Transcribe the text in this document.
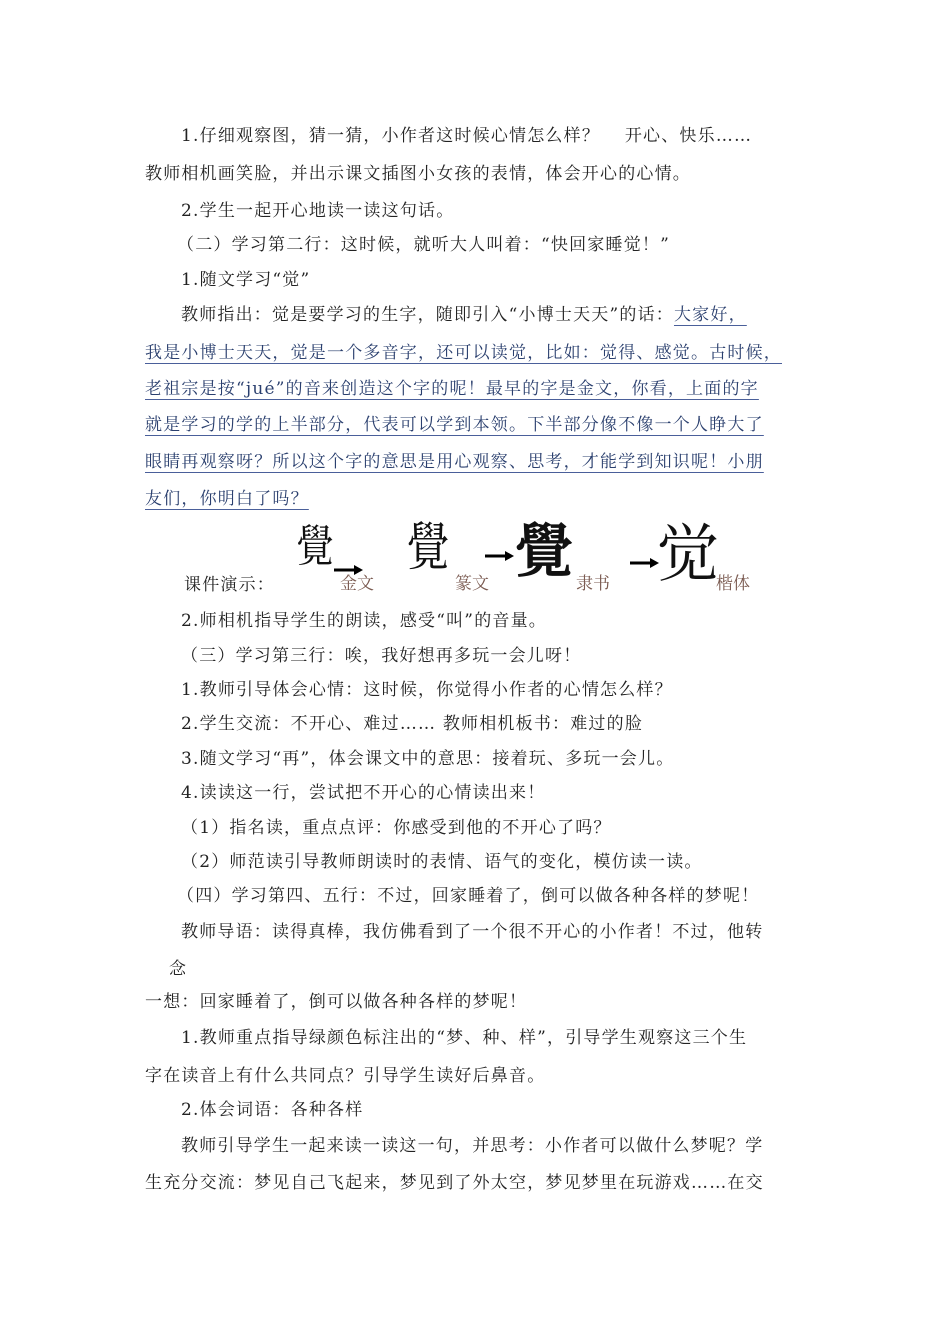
1.仔细观察图，猜一猜，小作者这时候心情怎么样？　 开心、快乐……
教师相机画笑脸，并出示课文插图小女孩的表情，体会开心的心情。
2.学生一起开心地读一读这句话。
（二）学习第二行：这时候，就听大人叫着：“快回家睡觉！”
1.随文学习“觉”
教师指出：觉是要学习的生字，随即引入“小博士天天”的话：大家好，
我是小博士天天，觉是一个多音字，还可以读觉，比如：觉得、感觉。古时候，
老祖宗是按“jué”的音来创造这个字的呢！最早的字是金文，你看，上面的字
就是学习的学的上半部分，代表可以学到本领。下半部分像不像一个人睁大了
眼睛再观察呀？所以这个字的意思是用心观察、思考，才能学到知识呢！小朋
友们，你明白了吗？
课件演示：
覺
金文
覺
篆文 覺 隶书 觉
楷体
2.师相机指导学生的朗读，感受“叫”的音量。
（三）学习第三行：唉，我好想再多玩一会儿呀！
1.教师引导体会心情：这时候，你觉得小作者的心情怎么样？
2.学生交流：不开心、难过…… 教师相机板书：难过的脸
3.随文学习“再”，体会课文中的意思：接着玩、多玩一会儿。
4.读读这一行，尝试把不开心的心情读出来！
（1）指名读，重点点评：你感受到他的不开心了吗？
（2）师范读引导教师朗读时的表情、语气的变化，模仿读一读。
（四）学习第四、五行：不过，回家睡着了，倒可以做各种各样的梦呢！
教师导语：读得真棒，我仿佛看到了一个很不开心的小作者！不过，他转
念
一想：回家睡着了，倒可以做各种各样的梦呢！
1.教师重点指导绿颜色标注出的“梦、种、样”，引导学生观察这三个生
字在读音上有什么共同点？引导学生读好后鼻音。
2.体会词语：各种各样
教师引导学生一起来读一读这一句，并思考：小作者可以做什么梦呢？学
生充分交流：梦见自己飞起来，梦见到了外太空，梦见梦里在玩游戏……在交
